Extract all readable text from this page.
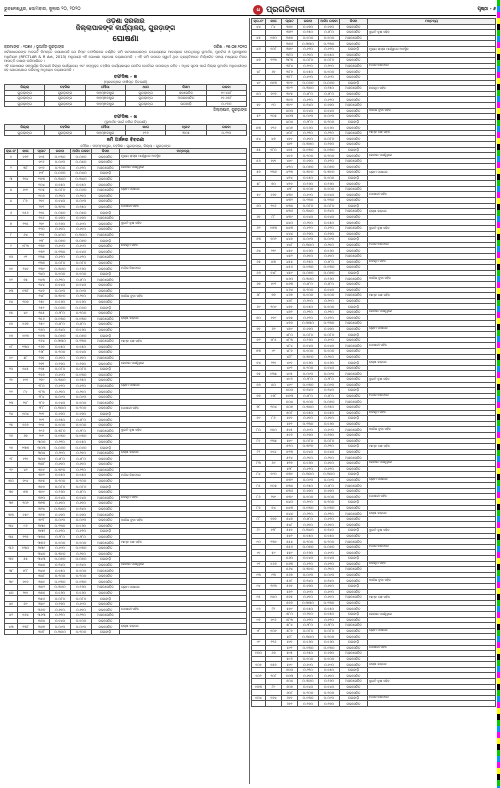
ଭୁବନେଶ୍ୱର, ସୋମବାର, ଜୁଲାଇ ୨୦, ୨୦୨୦	ଧ ପ୍ରଗତିବାଦୀ	ପୃଷ୍ଠା - ୬
ଓଡ଼ିଶା ସରକାର
ଜିଲ୍ଲାପାଳଙ୍କ କାର୍ଯ୍ୟାଳୟ, ଗୁରଡ଼ାଙ୍ଗ
ଘୋଷଣା
କ୍ରମାଙ୍କ : ୨୦୭୫ / ଭୂଅର୍ଜନ ଗୁରଡ଼ାଙ୍ଗ	ତାରିଖ : ୧୭.୦୭.୨୦୨୦

ସର୍ବସାଧାରଣଙ୍କ ଅବଗତି ନିମନ୍ତେ ଜଣାଯାଉଛି ଯେ ନିମ୍ନ ତଫସିଲରେ ବର୍ଣ୍ଣିତ ଜମି ଜନସାଧାରଣଙ୍କ ଉଦ୍ଦେଶ୍ୟରେ ଆବଶ୍ୟକ ହେଉଥିବାରୁ ଭୂଅର୍ଜନ, ପୁନର୍ବାସ ଓ ପୁନଃସ୍ଥାପନ ଅଧିନିୟମ (RFCTLAR & R Act, 2013) ଅନୁଯାୟୀ ଏହି ଘୋଷଣା ପ୍ରକାଶ କରାଯାଉଅଛି । ଏହି ଜମି ଉପରେ ସ୍ୱାର୍ଥ ଥିବା ବ୍ୟକ୍ତିମାନେ ନିର୍ଦ୍ଧାରିତ ସମୟ ମଧ୍ୟରେ ନିଜର ଆପତ୍ତି ଦାଖଲ କରିପାରିବେ ।

ଏହି ଘୋଷଣାର ସମ୍ପୂର୍ଣ୍ଣ ବିବରଣୀ ଜିଲ୍ଲା କାର୍ଯ୍ୟାଳୟ ଏବଂ ସମ୍ପୃକ୍ତ ତହସିଲ କାର୍ଯ୍ୟାଳୟର ନୋଟିସ ବୋର୍ଡରେ ଉପଲବ୍ଧ ରହିବ । ଅଧିକ ସୂଚନା ପାଇଁ ଜିଲ୍ଲା ଭୂଅର୍ଜନ ଅଧିକାରୀଙ୍କ ସହ ଯୋଗାଯୋଗ କରିବାକୁ ଅନୁରୋଧ କରାଯାଉଅଛି ।

ତଫସିଲ - କ
(ପ୍ରକଳ୍ପର ସଂକ୍ଷିପ୍ତ ବିବରଣୀ)
ଜିଲ୍ଲା	ତହସିଲ	ମୌଜା	ଥାନା	କିସମ	ରକବା
ଗୁରଡ଼ାଙ୍ଗ	ଗୁରଡ଼ାଙ୍ଗ	ମହମ୍ମଦପୁର	ଗୁରଡ଼ାଙ୍ଗ	ଜଳସେଚିତ	୧୯.୪୪୮
ଗୁରଡ଼ାଙ୍ଗ	ଗୁରଡ଼ାଙ୍ଗ	ମହମ୍ମଦପୁର	ଗୁରଡ଼ାଙ୍ଗ	ଅଜଳସେଚିତ	୧୧.୬୫୮
ଗୁରଡ଼ାଙ୍ଗ	ଗୁରଡ଼ାଙ୍ଗ	ମହମ୍ମଦପୁର	ଗୁରଡ଼ାଙ୍ଗ	ଘରବାଡ଼ି	୦.୯୬୦
ଜିଲ୍ଲାପାଳ, ଗୁରଡ଼ାଙ୍ଗ
ତଫସିଲ - ଖ
(ଭୂଅର୍ଜନ ପାଇଁ ଜମିର ବିବରଣୀ)
ଜିଲ୍ଲା	ତହସିଲ	ମୌଜା	ଖାତା	ପ୍ଲଟ	ରକବା
ଗୁରଡ଼ାଙ୍ଗ	ଗୁରଡ଼ାଙ୍ଗ	ମହମ୍ମଦପୁର	୧୨୬	୩୦୫	୦.୨୨୦
ଜମି ଅର୍ଜନର ବିବରଣୀ
ମୌଜା : ମହମ୍ମଦପୁର, ତହସିଲ : ଗୁରଡ଼ାଙ୍ଗ, ଜିଲ୍ଲା : ଗୁରଡ଼ାଙ୍ଗ
କ୍ର.ନଂ	ଖାତା	ପ୍ଲଟ	ରକବା	ଅର୍ଜନ ରକବା	କିସମ	ମନ୍ତବ୍ୟ
୧	୧୭୨	୧୯୫	୦.୧୩୦	୦.୦୭୦	ଜଳସେଚିତ	ମୁଖ୍ୟ ରାସ୍ତା ପାର୍ଶ୍ୱରେ ଅବସ୍ଥିତ
		୧୯୬	୦.୦୯୦	୦.୦୫୦	ଜଳସେଚିତ	
୨	୩୮	୧୯୭	୦.୨୦୦	୦.୧୨୦	ଅଜଳସେଚିତ	କେନାଲ ପାର୍ଶ୍ୱରେ
		୧୯୮	୦.୦୬୦	୦.୦୪୦	ଘରବାଡ଼ି	
୩	୨୧୪	୨୦୩	୦.୩୪୦	୦.୩୪୦	ଜଳସେଚିତ	
		୨୦୪	୦.୧୫୦	୦.୧୫୦	ଜଳସେଚିତ	
୪	୧୯୯	୨୦୫	୦.୦୮୦	୦.୦୬୦	ଅଜଳସେଚିତ	ଗ୍ରାମ ପାଖରେ
		୨୦୬	୦.୨୧୦	୦.୨୧୦	ଜଳସେଚିତ	
୫	୮୭	୨୧୧	୦.୧୪୦	୦.୦୯୦	ଜଳସେଚିତ	
		୨୧୨	୦.୩୨୦	୦.୨୫୦	ଜଳସେଚିତ	ପୋଖରୀ ସହିତ
୬	୧୫୬	୨୧୫	୦.୦୫୦	୦.୦୫୦	ଘରବାଡ଼ି	
		୨୧୬	୦.୧୭୦	୦.୧୭୦	ଅଜଳସେଚିତ	
୭	୨୨୫	୨୧୯	୦.୨୬୦	୦.୧୯୦	ଜଳସେଚିତ	ଦୁଇଟି ବୃକ୍ଷ ସହିତ
		୨୨୦	୦.୧୧୦	୦.୧୧୦	ଜଳସେଚିତ	
୮	୬୪	୨୨୭	୦.୪୦୦	୦.୩୦୦	ଅଜଳସେଚିତ	
		୨୨୮	୦.୦୭୦	୦.୦୭୦	ଘରବାଡ଼ି	
୯	୧୮୩	୨୩୧	୦.୧୯୦	୦.୧୯୦	ଜଳସେଚିତ	ନଳକୂପ ସହିତ
		୨୩୨	୦.୨୩୦	୦.୧୪୦	ଜଳସେଚିତ	
୧୦	୯୨	୨୩୫	୦.୧୨୦	୦.୧୨୦	ଅଜଳସେଚିତ	
		୨୩୬	୦.୦୮୦	୦.୦୮୦	ଜଳସେଚିତ	
୧୧	୨୪୧	୨୩୯	୦.୩୬୦	୦.୨୬୦	ଜଳସେଚିତ	ମନ୍ଦିର ନିକଟରେ
		୨୪୦	୦.୧୦୦	୦.୧୦୦	ଘରବାଡ଼ି	
୧୨	୭୫	୨୪୩	୦.୨୨୦	୦.୧୮୦	ଅଜଳସେଚିତ	
		୨୪୪	୦.୧୪୦	୦.୧୪୦	ଜଳସେଚିତ	
୧୩	୧୩୮	୨୪୭	୦.୦୯୦	୦.୦୯୦	ଜଳସେଚିତ	
		୨୪୮	୦.୩୧୦	୦.୨୧୦	ଅଜଳସେଚିତ	ବାଉଁଶ ବୁଦା ସହିତ
୧୪	୨୦୭	୨୫୧	୦.୧୬୦	୦.୧୬୦	ଜଳସେଚିତ	
		୨୫୨	୦.୦୬୦	୦.୦୬୦	ଘରବାଡ଼ି	
୧୫	୪୯	୨୫୫	୦.୨୮୦	୦.୨୦୦	ଜଳସେଚିତ	
		୨୫୬	୦.୧୩୦	୦.୧୩୦	ଅଜଳସେଚିତ	ରାସ୍ତା କଡ଼ରେ
୧୬	୧୬୭	୨୫୯	୦.୧୮୦	୦.୧୮୦	ଜଳସେଚିତ	
		୨୬୦	୦.୨୪୦	୦.୧୬୦	ଜଳସେଚିତ	
୧୭	୧୧୩	୨୬୩	୦.୦୭୦	୦.୦୭୦	ଘରବାଡ଼ି	
		୨୬୪	୦.୩୩୦	୦.୨୩୦	ଅଜଳସେଚିତ	ଆମ୍ବ ଗଛ ସହିତ
୧୮	୨୩୦	୨୬୭	୦.୧୫୦	୦.୧୫୦	ଜଳସେଚିତ	
		୨୬୮	୦.୨୦୦	୦.୧୪୦	ଜଳସେଚିତ	
୧୯	୫୮	୨୭୧	୦.୧୧୦	୦.୧୧୦	ଅଜଳସେଚିତ	
		୨୭୨	୦.୨୭୦	୦.୨୭୦	ଜଳସେଚିତ	କେନାଲ ପାର୍ଶ୍ୱରେ
୨୦	୧୪୫	୨୭୫	୦.୦୮୦	୦.୦୮୦	ଘରବାଡ଼ି	
		୨୭୬	୦.୧୯୦	୦.୧୩୦	ଜଳସେଚିତ	
୨୧	୧୯୧	୨୭୯	୦.୩୫୦	୦.୨୫୦	ଜଳସେଚିତ	
		୨୮୦	୦.୧୨୦	୦.୧୨୦	ଅଜଳସେଚିତ	ଗ୍ରାମ ପାଖରେ
୨୨	୮୧	୨୮୩	୦.୨୧୦	୦.୨୧୦	ଜଳସେଚିତ	
		୨୮୪	୦.୦୯୦	୦.୦୯୦	ଜଳସେଚିତ	
୨୩	୨୧୮	୨୮୭	୦.୧୪୦	୦.୧୦୦	ଅଜଳସେଚିତ	
		୨୮୮	୦.୩୦୦	୦.୨୦୦	ଜଳସେଚିତ	ପୋଖରୀ ସହିତ
୨୪	୧୦୪	୨୯୧	୦.୧୭୦	୦.୧୭୦	ଘରବାଡ଼ି	
		୨୯୨	୦.୨୫୦	୦.୧୮୦	ଜଳସେଚିତ	
୨୫	୧୭୬	୨୯୫	୦.୧୦୦	୦.୧୦୦	ଜଳସେଚିତ	
		୨୯୬	୦.୩୮୦	୦.୨୮୦	ଅଜଳସେଚିତ	ଦୁଇଟି ବୃକ୍ଷ ସହିତ
୨୬	୬୭	୨୯୯	୦.୧୩୦	୦.୧୩୦	ଜଳସେଚିତ	
		୩୦୦	୦.୨୨୦	୦.୧୫୦	ଜଳସେଚିତ	
୨୭	୨୩୩	୩୦୩	୦.୦୬୦	୦.୦୬୦	ଘରବାଡ଼ି	
		୩୦୪	୦.୨୯୦	୦.୨୧୦	ଅଜଳସେଚିତ	ରାସ୍ତା କଡ଼ରେ
୨୮	୧୨୧	୩୦୭	୦.୧୮୦	୦.୧୮୦	ଜଳସେଚିତ	
		୩୦୮	୦.୧୧୦	୦.୧୧୦	ଜଳସେଚିତ	
୨୯	୪୨	୩୧୧	୦.୩୨୦	୦.୨୨୦	ଅଜଳସେଚିତ	
		୩୧୨	୦.୧୫୦	୦.୧୫୦	ଜଳସେଚିତ	ମନ୍ଦିର ନିକଟରେ
୩୦	୧୯୪	୩୧୫	୦.୨୦୦	୦.୨୦୦	ଜଳସେଚିତ	
		୩୧୬	୦.୦୮୦	୦.୦୮୦	ଘରବାଡ଼ି	
୩୧	୭୩	୩୧୯	୦.୨୬୦	୦.୧୮୦	ଜଳସେଚିତ	
		୩୨୦	୦.୧୪୦	୦.୧୪୦	ଅଜଳସେଚିତ	ନଳକୂପ ସହିତ
୩୨	୨୦୨	୩୨୩	୦.୧୧୦	୦.୧୧୦	ଜଳସେଚିତ	
		୩୨୪	୦.୩୪୦	୦.୨୪୦	ଜଳସେଚିତ	
୩୩	୧୫୯	୩୨୭	୦.୧୭୦	୦.୧୭୦	ଅଜଳସେଚିତ	
		୩୨୮	୦.୦୯୦	୦.୦୯୦	ଜଳସେଚିତ	ବାଉଁଶ ବୁଦା ସହିତ
୩୪	୯୬	୩୩୧	୦.୨୩୦	୦.୧୬୦	ଜଳସେଚିତ	
		୩୩୨	୦.୧୨୦	୦.୧୨୦	ଘରବାଡ଼ି	
୩୫	୨୨୭	୩୩୫	୦.୨୮୦	୦.୨୮୦	ଜଳସେଚିତ	
		୩୩୬	୦.୧୦୦	୦.୧୦୦	ଅଜଳସେଚିତ	ଆମ୍ବ ଗଛ ସହିତ
୩୬	୧୩୦	୩୩୯	୦.୧୯୦	୦.୧୩୦	ଜଳସେଚିତ	
		୩୪୦	୦.୩୧୦	୦.୨୧୦	ଜଳସେଚିତ	
୩୭	୫୫	୩୪୩	୦.୦୭୦	୦.୦୭୦	ଘରବାଡ଼ି	
		୩୪୪	୦.୨୪୦	୦.୨୪୦	ଜଳସେଚିତ	କେନାଲ ପାର୍ଶ୍ୱରେ
୩୮	୧୮୮	୩୪୭	୦.୧୫୦	୦.୧୦୦	ଅଜଳସେଚିତ	
		୩୪୮	୦.୨୦୦	୦.୨୦୦	ଜଳସେଚିତ	
୩୯	୧୧୭	୩୫୧	୦.୧୩୦	୦.୧୩୦	ଜଳସେଚିତ	
		୩୫୨	୦.୩୬୦	୦.୨୬୦	ଅଜଳସେଚିତ	ଗ୍ରାମ ପାଖରେ
୪୦	୨୧୧	୩୫୫	୦.୧୬୦	୦.୧୬୦	ଜଳସେଚିତ	
		୩୫୬	୦.୦୮୦	୦.୦୮୦	ଘରବାଡ଼ି	
୪୧	୭୯	୩୫୯	୦.୨୭୦	୦.୧୯୦	ଜଳସେଚିତ	
		୩୬୦	୦.୧୧୦	୦.୧୧୦	ଜଳସେଚିତ	ପୋଖରୀ ସହିତ
୪୨	୧୬୪	୩୬୩	୦.୨୨୦	୦.୨୨୦	ଅଜଳସେଚିତ	
		୩୬୪	୦.୧୪୦	୦.୧୦୦	ଜଳସେଚିତ	
୪୩	୨୩୮	୩୬୭	୦.୦୯୦	୦.୦୯୦	ଜଳସେଚିତ	ରାସ୍ତା କଡ଼ରେ
		୩୬୮	୦.୩୦୦	୦.୨୦୦	ଘରବାଡ଼ି	
କ୍ର.ନଂ	ଖାତା	ପ୍ଲଟ	ରକବା	ଅର୍ଜନ ରକବା	କିସମ	ମନ୍ତବ୍ୟ
୪୪	୮୪	୩୭୧	୦.୧୭୦	୦.୧୭୦	ଜଳସେଚିତ	
		୩୭୨	୦.୨୫୦	୦.୧୮୦	ଜଳସେଚିତ	ଦୁଇଟି ବୃକ୍ଷ ସହିତ
୪୫	୧୭୦	୩୭୫	୦.୧୦୦	୦.୧୦୦	ଅଜଳସେଚିତ	
		୩୭୬	୦.୩୩୦	୦.୨୩୦	ଜଳସେଚିତ	
୪୬	୧୦୮	୩୭୯	୦.୧୨୦	୦.୧୨୦	ଘରବାଡ଼ି	ମୁଖ୍ୟ ରାସ୍ତା ପାର୍ଶ୍ୱରେ ଅବସ୍ଥିତ
		୩୮୦	୦.୨୧୦	୦.୧୫୦	ଜଳସେଚିତ	
୪୭	୨୨୩	୩୮୩	୦.୦୮୦	୦.୦୮୦	ଜଳସେଚିତ	
		୩୮୪	୦.୨୯୦	୦.୨୯୦	ଅଜଳସେଚିତ	ମନ୍ଦିର ନିକଟରେ
୪୮	୬୧	୩୮୭	୦.୧୫୦	୦.୧୦୦	ଜଳସେଚିତ	
		୩୮୮	୦.୧୯୦	୦.୧୯୦	ଜଳସେଚିତ	
୪୯	୧୫୩	୩୯୧	୦.୦୬୦	୦.୦୬୦	ଘରବାଡ଼ି	
		୩୯୨	୦.୩୫୦	୦.୨୫୦	ଅଜଳସେଚିତ	ନଳକୂପ ସହିତ
୫୦	୧୯୭	୩୯୫	୦.୧୮୦	୦.୧୮୦	ଜଳସେଚିତ	
		୩୯୬	୦.୧୨୦	୦.୧୨୦	ଜଳସେଚିତ	
୫୧	୯୦	୩୯୯	୦.୨୪୦	୦.୧୭୦	ଅଜଳସେଚିତ	
		୪୦୦	୦.୧୪୦	୦.୧୪୦	ଜଳସେଚିତ	ବାଉଁଶ ବୁଦା ସହିତ
୫୨	୨୦୫	୪୦୩	୦.୦୯୦	୦.୦୯୦	ଜଳସେଚିତ	
		୪୦୪	୦.୨୮୦	୦.୨୦୦	ଘରବାଡ଼ି	
୫୩	୧୨୬	୪୦୭	୦.୧୬୦	୦.୧୬୦	ଜଳସେଚିତ	
		୪୦୮	୦.୨୨୦	୦.୨୨୦	ଅଜଳସେଚିତ	ଆମ୍ବ ଗଛ ସହିତ
୫୪	୪୭	୪୧୧	୦.୧୧୦	୦.୦୮୦	ଜଳସେଚିତ	
		୪୧୨	୦.୩୭୦	୦.୨୭୦	ଜଳସେଚିତ	
୫୫	୧୮୦	୪୧୫	୦.୧୩୦	୦.୧୩୦	ଘରବାଡ଼ି	
		୪୧୬	୦.୨୦୦	୦.୨୦୦	ଜଳସେଚିତ	କେନାଲ ପାର୍ଶ୍ୱରେ
୫୬	୧୧୧	୪୧୯	୦.୧୭୦	୦.୧୨୦	ଅଜଳସେଚିତ	
		୪୨୦	୦.୦୭୦	୦.୦୭୦	ଜଳସେଚିତ	
୫୭	୨୩୬	୪୨୩	୦.୩୧୦	୦.୩୧୦	ଜଳସେଚିତ	ଗ୍ରାମ ପାଖରେ
		୪୨୪	୦.୧୫୦	୦.୧୦୦	ଘରବାଡ଼ି	
୫୮	୭୦	୪୨୭	୦.୨୬୦	୦.୨୬୦	ଜଳସେଚିତ	
		୪୨୮	୦.୧୦୦	୦.୧୦୦	ଅଜଳସେଚିତ	
୫୯	୧୬୧	୪୩୧	୦.୧୯୦	୦.୧୪୦	ଜଳସେଚିତ	ପୋଖରୀ ସହିତ
		୪୩୨	୦.୨୩୦	୦.୨୩୦	ଜଳସେଚିତ	
୬୦	୨୧୬	୪୩୫	୦.୦୮୦	୦.୦୮୦	ଘରବାଡ଼ି	
		୪୩୬	୦.୩୪୦	୦.୨୪୦	ଅଜଳସେଚିତ	ରାସ୍ତା କଡ଼ରେ
୬୧	୮୮	୪୩୯	୦.୧୪୦	୦.୧୪୦	ଜଳସେଚିତ	
		୪୪୦	୦.୨୧୦	୦.୧୫୦	ଜଳସେଚିତ	
୬୨	୧୭୩	୪୪୩	୦.୧୨୦	୦.୧୨୦	ଅଜଳସେଚିତ	ଦୁଇଟି ବୃକ୍ଷ ସହିତ
		୪୪୪	୦.୨୭୦	୦.୨୭୦	ଜଳସେଚିତ	
୬୩	୧୦୨	୪୪୭	୦.୦୯୦	୦.୦୯୦	ଘରବାଡ଼ି	
		୪୪୮	୦.୩୦୦	୦.୨୧୦	ଜଳସେଚିତ	ମନ୍ଦିର ନିକଟରେ
୬୪	୨୨୯	୪୫୧	୦.୧୬୦	୦.୧୬୦	ଜଳସେଚିତ	
		୪୫୨	୦.୧୧୦	୦.୧୧୦	ଅଜଳସେଚିତ	
୬୫	୫୩	୪୫୫	୦.୨୫୦	୦.୧୮୦	ଜଳସେଚିତ	ନଳକୂପ ସହିତ
		୪୫୬	୦.୧୩୦	୦.୧୩୦	ଜଳସେଚିତ	
୬୬	୧୪୮	୪୫୯	୦.୦୭୦	୦.୦୭୦	ଘରବାଡ଼ି	
		୪୬୦	୦.୩୬୦	୦.୨୬୦	ଅଜଳସେଚିତ	ବାଉଁଶ ବୁଦା ସହିତ
୬୭	୧୯୨	୪୬୩	୦.୧୮୦	୦.୧୮୦	ଜଳସେଚିତ	
		୪୬୪	୦.୨୦୦	୦.୧୪୦	ଜଳସେଚିତ	
୬୮	୭୭	୪୬୭	୦.୧୦୦	୦.୧୦୦	ଅଜଳସେଚିତ	ଆମ୍ବ ଗଛ ସହିତ
		୪୬୮	୦.୨୯୦	୦.୨୯୦	ଜଳସେଚିତ	
୬୯	୨୦୯	୪୭୧	୦.୧୫୦	୦.୧୦୦	ଘରବାଡ଼ି	
		୪୭୨	୦.୨୨୦	୦.୨୨୦	ଜଳସେଚିତ	କେନାଲ ପାର୍ଶ୍ୱରେ
୭୦	୧୧୯	୪୭୫	୦.୧୨୦	୦.୧୨୦	ଜଳସେଚିତ	
		୪୭୬	୦.୩୩୦	୦.୨୩୦	ଅଜଳସେଚିତ	
୭୧	୬୨	୪୭୯	୦.୧୭୦	୦.୧୭୦	ଜଳସେଚିତ	ଗ୍ରାମ ପାଖରେ
		୪୮୦	୦.୦୮୦	୦.୦୮୦	ଘରବାଡ଼ି	
୭୨	୧୮୫	୪୮୩	୦.୨୬୦	୦.୧୯୦	ଜଳସେଚିତ	
		୪୮୪	୦.୧୪୦	୦.୧୪୦	ଅଜଳସେଚିତ	ପୋଖରୀ ସହିତ
୭୩	୯୯	୪୮୭	୦.୧୦୦	୦.୧୦୦	ଜଳସେଚିତ	
		୪୮୮	୦.୩୧୦	୦.୨୧୦	ଜଳସେଚିତ	
୭୪	୨୨୧	୪୯୧	୦.୧୬୦	୦.୧୬୦	ଘରବାଡ଼ି	ରାସ୍ତା କଡ଼ରେ
		୪୯୨	୦.୨୦୦	୦.୧୪୦	ଜଳସେଚିତ	
୭୫	୧୩୫	୪୯୫	୦.୦୯୦	୦.୦୯୦	ଅଜଳସେଚିତ	
		୪୯୬	୦.୨୮୦	୦.୨୮୦	ଜଳସେଚିତ	ଦୁଇଟି ବୃକ୍ଷ ସହିତ
୭୬	୫୦	୪୯୯	୦.୧୩୦	୦.୦୯୦	ଜଳସେଚିତ	
		୫୦୦	୦.୨୪୦	୦.୨୪୦	ଘରବାଡ଼ି	
୭୭	୧୬୮	୫୦୩	୦.୧୮୦	୦.୧୮୦	ଜଳସେଚିତ	ମନ୍ଦିର ନିକଟରେ
		୫୦୪	୦.୧୦୦	୦.୦୭୦	ଅଜଳସେଚିତ	
୭୮	୨୦୪	୫୦୭	୦.୩୫୦	୦.୨୫୦	ଜଳସେଚିତ	
		୫୦୮	୦.୧୫୦	୦.୧୫୦	ଜଳସେଚିତ	ନଳକୂପ ସହିତ
୭୯	୮୬	୫୧୧	୦.୧୧୦	୦.୧୧୦	ଘରବାଡ଼ି	
		୫୧୨	୦.୨୩୦	୦.୧୬୦	ଜଳସେଚିତ	
୮୦	୧୫୦	୫୧୫	୦.୧୯୦	୦.୧୯୦	ଅଜଳସେଚିତ	ବାଉଁଶ ବୁଦା ସହିତ
		୫୧୬	୦.୨୭୦	୦.୨୭୦	ଜଳସେଚିତ	
୮୧	୨୩୫	୫୧୯	୦.୦୮୦	୦.୦୮୦	ଜଳସେଚିତ	
		୫୨୦	୦.୩୨୦	୦.୨୨୦	ଘରବାଡ଼ି	ଆମ୍ବ ଗଛ ସହିତ
୮୨	୧୧୪	୫୨୩	୦.୧୪୦	୦.୧୪୦	ଜଳସେଚିତ	
		୫୨୪	୦.୨୧୦	୦.୨୧୦	ଅଜଳସେଚିତ	
୮୩	୬୯	୫୨୭	୦.୧୬୦	୦.୧୧୦	ଜଳସେଚିତ	କେନାଲ ପାର୍ଶ୍ୱରେ
		୫୨୮	୦.୧୨୦	୦.୧୨୦	ଜଳସେଚିତ	
୮୪	୧୯୦	୫୩୧	୦.୩୦୦	୦.୩୦୦	ଘରବାଡ଼ି	
		୫୩୨	୦.୦୯୦	୦.୦୯୦	ଜଳସେଚିତ	ଗ୍ରାମ ପାଖରେ
୮୫	୧୦୫	୫୩୫	୦.୨୫୦	୦.୧୮୦	ଅଜଳସେଚିତ	
		୫୩୬	୦.୧୭୦	୦.୧୭୦	ଜଳସେଚିତ	
୮୬	୨୧୯	୫୩୯	୦.୧୦୦	୦.୧୦୦	ଜଳସେଚିତ	ପୋଖରୀ ସହିତ
		୫୪୦	୦.୨୯୦	୦.୨୦୦	ଘରବାଡ଼ି	
୮୭	୭୪	୫୪୩	୦.୧୩୦	୦.୧୩୦	ଜଳସେଚିତ	
		୫୪୪	୦.୨୨୦	୦.୨୨୦	ଅଜଳସେଚିତ	ରାସ୍ତା କଡ଼ରେ
୮୮	୧୭୭	୫୪୭	୦.୧୮୦	୦.୧୨୦	ଜଳସେଚିତ	
		୫୪୮	୦.୧୧୦	୦.୧୧୦	ଜଳସେଚିତ	
୮୯	୧୨୮	୫୫୧	୦.୩୪୦	୦.୨୪୦	ଘରବାଡ଼ି	ଦୁଇଟି ବୃକ୍ଷ ସହିତ
		୫୫୨	୦.୧୫୦	୦.୧୫୦	ଜଳସେଚିତ	
୯୦	୨୩୧	୫୫୫	୦.୨୦୦	୦.୨୦୦	ଅଜଳସେଚିତ	
		୫୫୬	୦.୦୭୦	୦.୦୭୦	ଜଳସେଚିତ	ମନ୍ଦିର ନିକଟରେ
୯୧	୫୯	୫୫୯	୦.୨୬୦	୦.୧୯୦	ଜଳସେଚିତ	
		୫୬୦	୦.୧୪୦	୦.୧୪୦	ଘରବାଡ଼ି	
୯୨	୧୬୬	୫୬୩	୦.୧୨୦	୦.୧୨୦	ଜଳସେଚିତ	ନଳକୂପ ସହିତ
		୫୬୪	୦.୩୧୦	୦.୨୧୦	ଅଜଳସେଚିତ	
୯୩	୯୩	୫୬୭	୦.୦୯୦	୦.୦୯୦	ଜଳସେଚିତ	
		୫୬୮	୦.୨୪୦	୦.୨୪୦	ଜଳସେଚିତ	ବାଉଁଶ ବୁଦା ସହିତ
୯୪	୨୧୩	୫୭୧	୦.୧୭୦	୦.୧୧୦	ଘରବାଡ଼ି	
		୫୭୨	୦.୧୯୦	୦.୧୯୦	ଜଳସେଚିତ	
୯୫	୧୪୦	୫୭୫	୦.୧୧୦	୦.୧୧୦	ଅଜଳସେଚିତ	ଆମ୍ବ ଗଛ ସହିତ
		୫୭୬	୦.୩୩୦	୦.୨୩୦	ଜଳସେଚିତ	
୯୬	୮୨	୫୭୯	୦.୧୫୦	୦.୧୫୦	ଜଳସେଚିତ	
		୫୮୦	୦.୨୧୦	୦.୧୫୦	ଘରବାଡ଼ି	କେନାଲ ପାର୍ଶ୍ୱରେ
୯୭	୧୯୬	୫୮୩	୦.୧୨୦	୦.୧୨୦	ଜଳସେଚିତ	
		୫୮୪	୦.୨୮୦	୦.୨୮୦	ଅଜଳସେଚିତ	
୯୮	୧୦୧	୫୮୭	୦.୦୮୦	୦.୦୮୦	ଜଳସେଚିତ	ଗ୍ରାମ ପାଖରେ
		୫୮୮	୦.୩୦୦	୦.୨୦୦	ଜଳସେଚିତ	
୯୯	୨୨୬	୫୯୧	୦.୧୬୦	୦.୧୬୦	ଘରବାଡ଼ି	
		୫୯୨	୦.୧୩୦	୦.୧୩୦	ଜଳସେଚିତ	ପୋଖରୀ ସହିତ
୧୦୦	୬୬	୫୯୫	୦.୨୫୦	୦.୧୭୦	ଅଜଳସେଚିତ	
		୫୯୬	୦.୧୦୦	୦.୧୦୦	ଜଳସେଚିତ	
୧୦୧	୧୫୭	୫୯୯	୦.୧୯୦	୦.୧୯୦	ଜଳସେଚିତ	ରାସ୍ତା କଡ଼ରେ
		୬୦୦	୦.୨୨୦	୦.୧୫୦	ଘରବାଡ଼ି	
୧୦୨	୨୦୮	୬୦୩	୦.୧୧୦	୦.୧୧୦	ଜଳସେଚିତ	
		୬୦୪	୦.୩୬୦	୦.୨୬୦	ଅଜଳସେଚିତ	ଦୁଇଟି ବୃକ୍ଷ ସହିତ
୧୦୩	୮୯	୬୦୭	୦.୧୪୦	୦.୧୪୦	ଜଳସେଚିତ	
		୬୦୮	୦.୨୦୦	୦.୨୦୦	ଜଳସେଚିତ	
୧୦୪	୧୭୪	୬୧୧	୦.୧୩୦	୦.୦୯୦	ଘରବାଡ଼ି	ମନ୍ଦିର ନିକଟରେ
		୬୧୨	୦.୨୭୦	୦.୨୭୦	ଜଳସେଚିତ	
